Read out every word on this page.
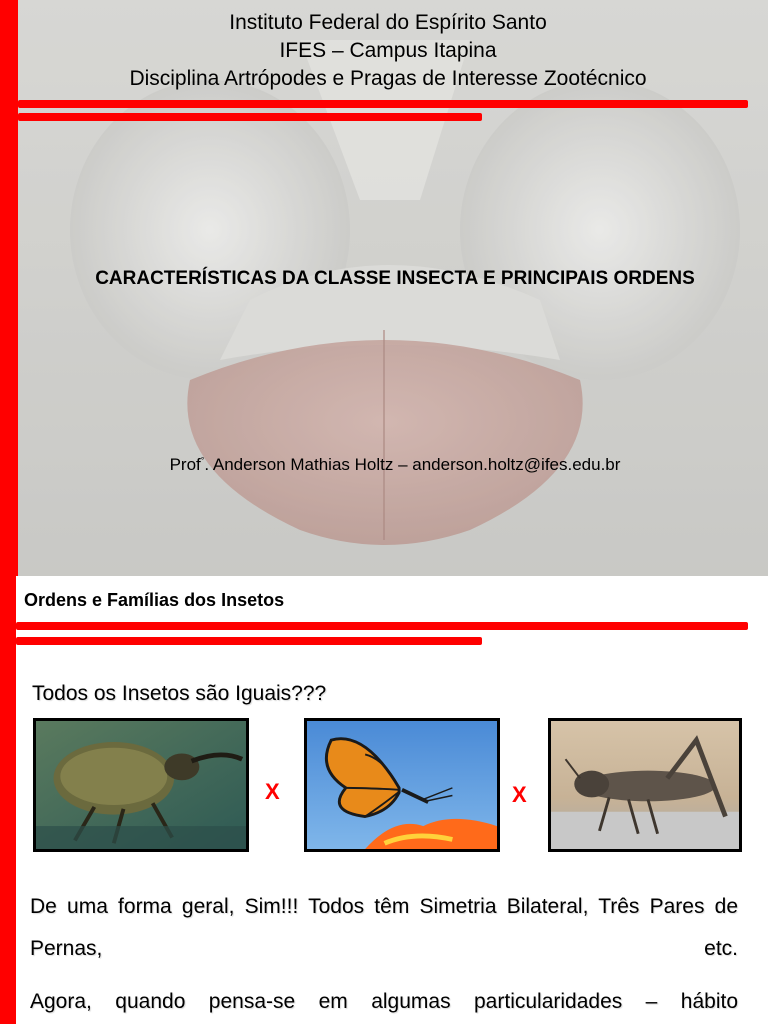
Instituto Federal do Espírito Santo
IFES – Campus Itapina
Disciplina Artrópodes e Pragas de Interesse Zootécnico
CARACTERÍSTICAS DA CLASSE INSECTA E PRINCIPAIS ORDENS
Prof°. Anderson Mathias Holtz – anderson.holtz@ifes.edu.br
Ordens e Famílias dos Insetos
Todos os Insetos são Iguais???
X	X
De uma forma geral, Sim!!! Todos têm Simetria Bilateral, Três Pares de Pernas, etc.
Agora, quando pensa-se em algumas particularidades – hábito
